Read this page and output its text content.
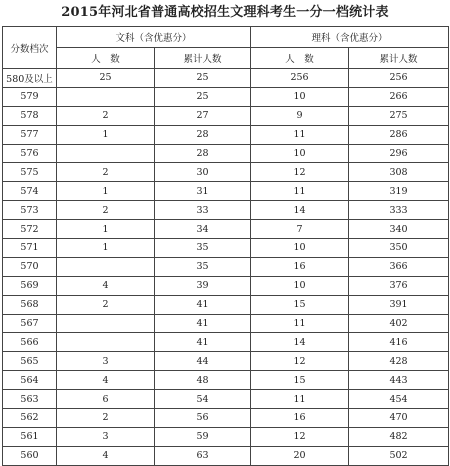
2015年河北省普通高校招生文理科考生一分一档统计表
分数档次	文科（含优惠分）		理科（含优惠分）	
	人　数	累计人数	人　数	累计人数
580及以上	25	25	256	256
579		25	10	266
578	2	27	9	275
577	1	28	11	286
576		28	10	296
575	2	30	12	308
574	1	31	11	319
573	2	33	14	333
572	1	34	7	340
571	1	35	10	350
570		35	16	366
569	4	39	10	376
568	2	41	15	391
567		41	11	402
566		41	14	416
565	3	44	12	428
564	4	48	15	443
563	6	54	11	454
562	2	56	16	470
561	3	59	12	482
560	4	63	20	502
